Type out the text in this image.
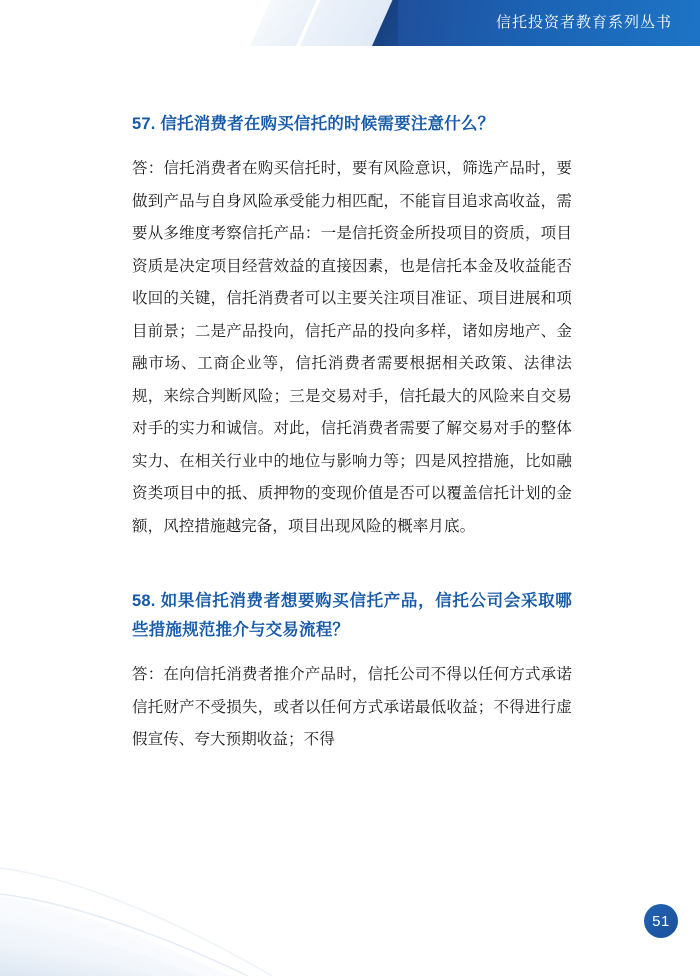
信托投资者教育系列丛书
57. 信托消费者在购买信托的时候需要注意什么？

答：信托消费者在购买信托时，要有风险意识，筛选产品时，要做到产品与自身风险承受能力相匹配，不能盲目追求高收益，需要从多维度考察信托产品：一是信托资金所投项目的资质，项目资质是决定项目经营效益的直接因素，也是信托本金及收益能否收回的关键，信托消费者可以主要关注项目准证、项目进展和项目前景；二是产品投向，信托产品的投向多样，诸如房地产、金融市场、工商企业等，信托消费者需要根据相关政策、法律法规，来综合判断风险；三是交易对手，信托最大的风险来自交易对手的实力和诚信。对此，信托消费者需要了解交易对手的整体实力、在相关行业中的地位与影响力等；四是风控措施，比如融资类项目中的抵、质押物的变现价值是否可以覆盖信托计划的金额，风控措施越完备，项目出现风险的概率月底。

58. 如果信托消费者想要购买信托产品，信托公司会采取哪些措施规范推介与交易流程？

答：在向信托消费者推介产品时，信托公司不得以任何方式承诺信托财产不受损失，或者以任何方式承诺最低收益；不得进行虚假宣传、夸大预期收益；不得

51
